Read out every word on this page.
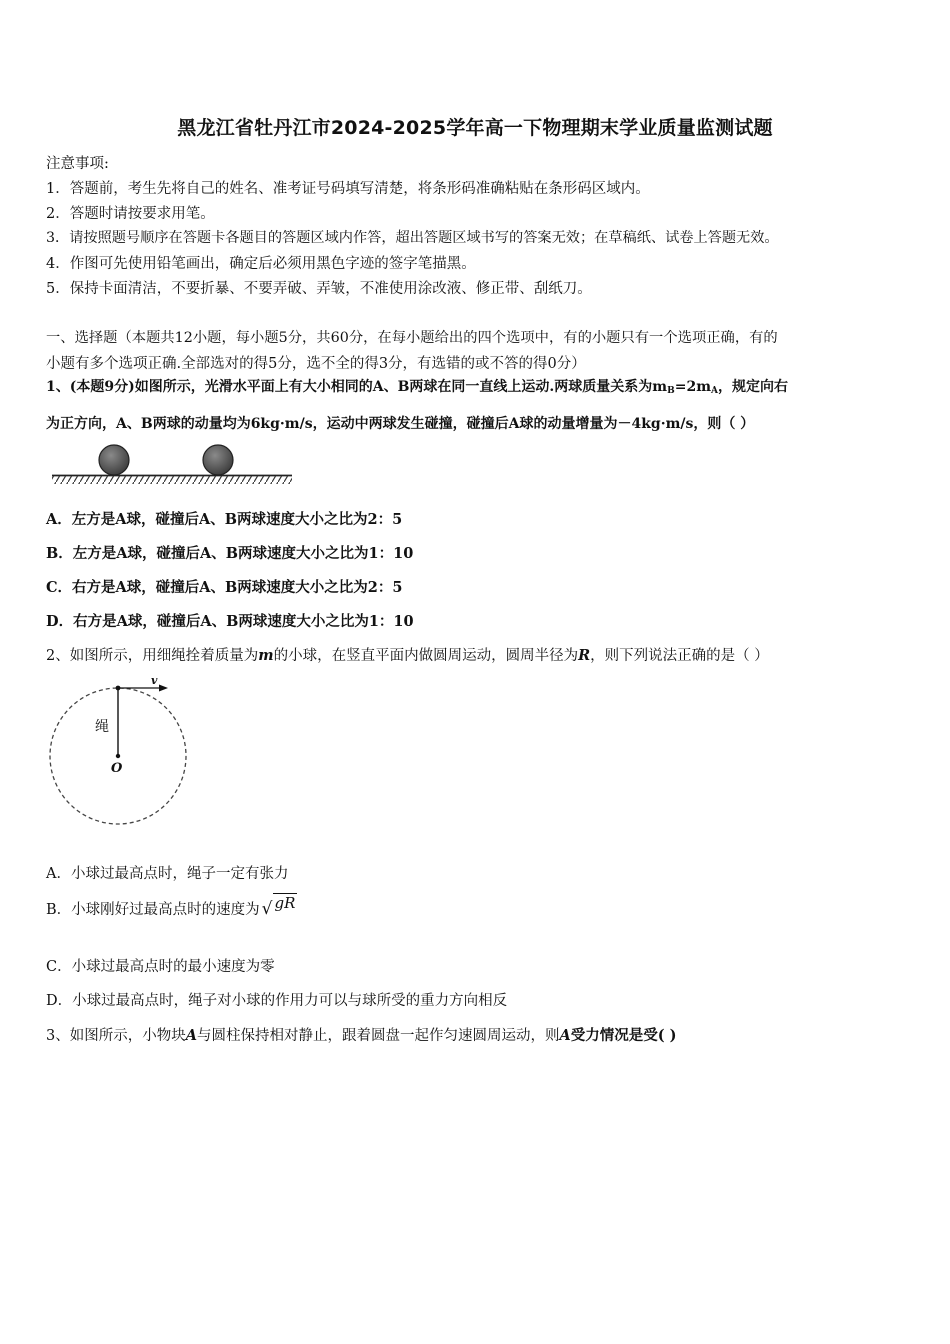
黑龙江省牡丹江市2024-2025学年高一下物理期末学业质量监测试题
注意事项:
1．答题前，考生先将自己的姓名、准考证号码填写清楚，将条形码准确粘贴在条形码区域内。
2．答题时请按要求用笔。
3．请按照题号顺序在答题卡各题目的答题区域内作答，超出答题区域书写的答案无效；在草稿纸、试卷上答题无效。
4．作图可先使用铅笔画出，确定后必须用黑色字迹的签字笔描黑。
5．保持卡面清洁，不要折暴、不要弄破、弄皱，不准使用涂改液、修正带、刮纸刀。
一、选择题（本题共12小题，每小题5分，共60分，在每小题给出的四个选项中，有的小题只有一个选项正确，有的
小题有多个选项正确.全部选对的得5分，选不全的得3分，有选错的或不答的得0分）
1、(本题9分)如图所示，光滑水平面上有大小相同的A、B两球在同一直线上运动.两球质量关系为$m_B=2m_A$，规定向右
为正方向，A、B两球的动量均为6kg·m/s，运动中两球发生碰撞，碰撞后A球的动量增量为－4kg·m/s，则（ ）
A．左方是A球，碰撞后A、B两球速度大小之比为2：5
B．左方是A球，碰撞后A、B两球速度大小之比为1：10
C．右方是A球，碰撞后A、B两球速度大小之比为2：5
D．右方是A球，碰撞后A、B两球速度大小之比为1：10
2、如图所示，用细绳拴着质量为m的小球，在竖直平面内做圆周运动，圆周半径为R，则下列说法正确的是（ ）
v
绳
O
A．小球过最高点时，绳子一定有张力
B．小球刚好过最高点时的速度为 √ gR
C．小球过最高点时的最小速度为零
D．小球过最高点时，绳子对小球的作用力可以与球所受的重力方向相反
3、如图所示，小物块A与圆柱保持相对静止，跟着圆盘一起作匀速圆周运动，则A受力情况是受( )
